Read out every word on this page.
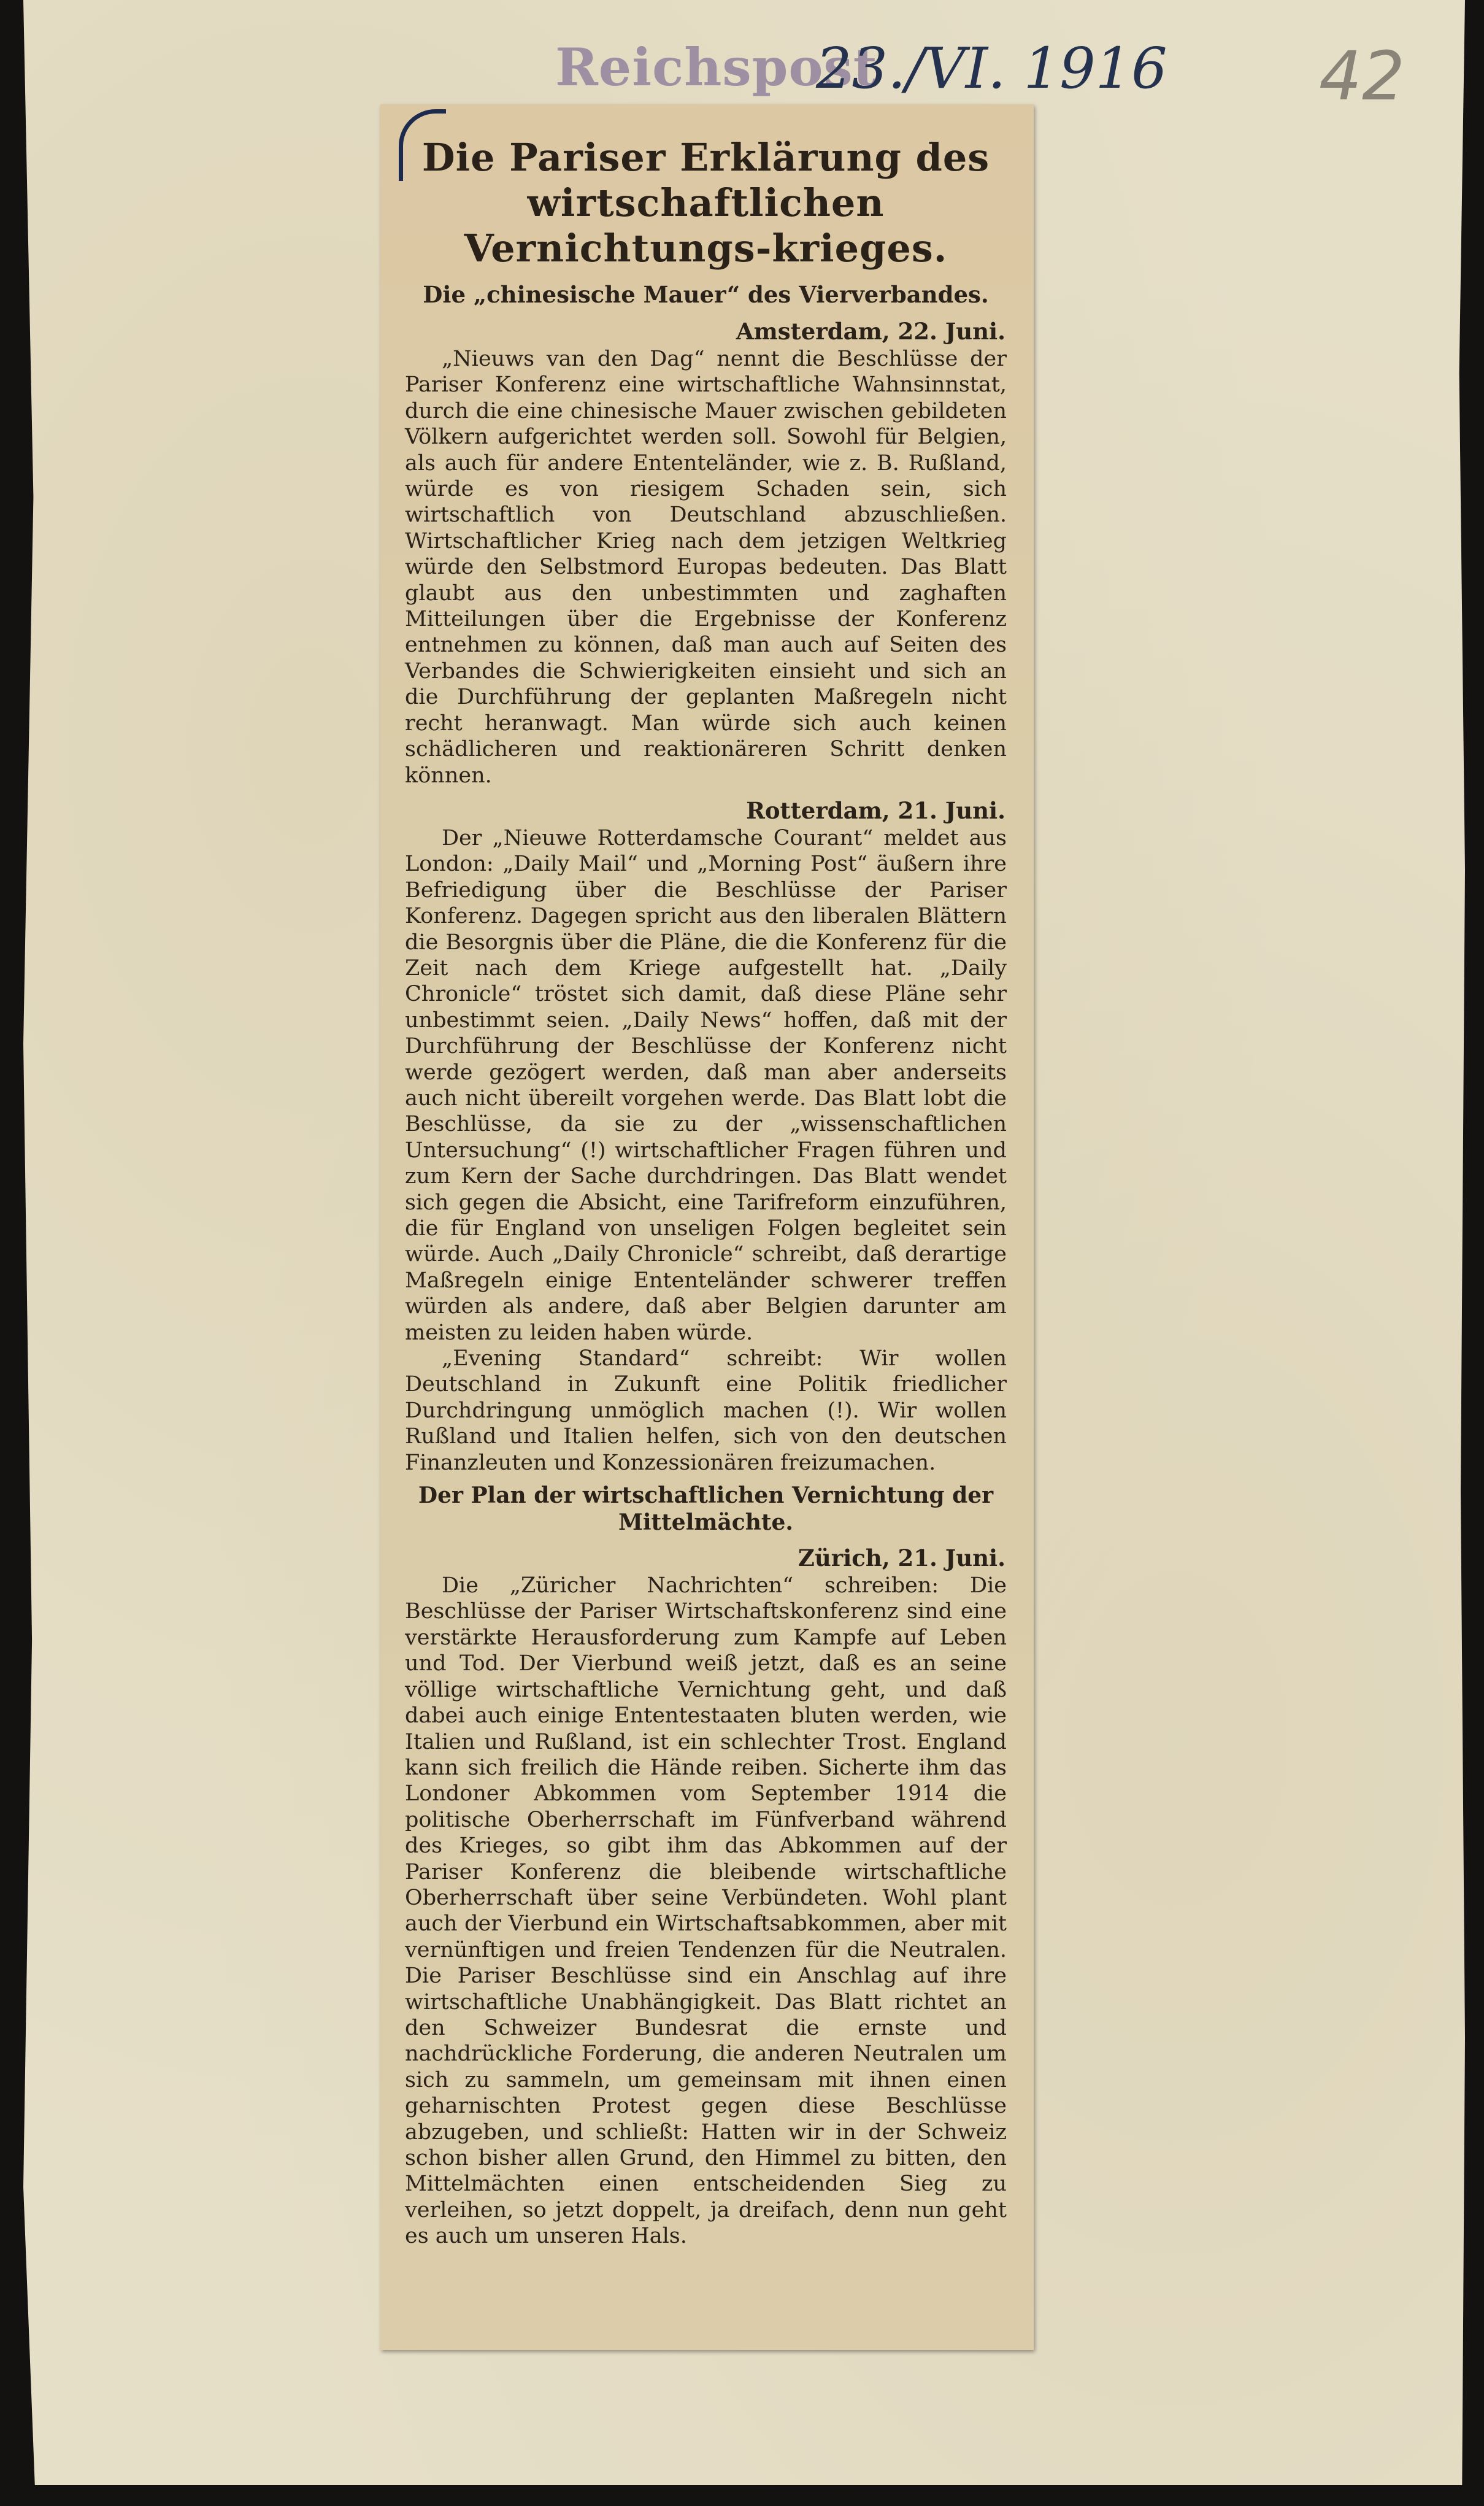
Reichspost
23./VI. 1916 42
Die Pariser Erklärung des wirtschaftlichen Vernichtungs-krieges.
Die „chinesische Mauer“ des Vierverbandes.
Amsterdam, 22. Juni.

„Nieuws van den Dag“ nennt die Beschlüsse der Pariser Konferenz eine wirtschaftliche Wahnsinnstat, durch die eine chinesische Mauer zwischen gebildeten Völkern aufgerichtet werden soll. Sowohl für Belgien, als auch für andere Ententeländer, wie z. B. Rußland, würde es von riesigem Schaden sein, sich wirtschaftlich von Deutschland abzuschließen. Wirtschaftlicher Krieg nach dem jetzigen Weltkrieg würde den Selbstmord Europas bedeuten. Das Blatt glaubt aus den unbestimmten und zaghaften Mitteilungen über die Ergebnisse der Konferenz entnehmen zu können, daß man auch auf Seiten des Verbandes die Schwierigkeiten einsieht und sich an die Durchführung der geplanten Maßregeln nicht recht heranwagt. Man würde sich auch keinen schädlicheren und reaktionäreren Schritt denken können.

Rotterdam, 21. Juni.

Der „Nieuwe Rotterdamsche Courant“ meldet aus London: „Daily Mail“ und „Morning Post“ äußern ihre Befriedigung über die Beschlüsse der Pariser Konferenz. Dagegen spricht aus den liberalen Blättern die Besorgnis über die Pläne, die die Konferenz für die Zeit nach dem Kriege aufgestellt hat. „Daily Chronicle“ tröstet sich damit, daß diese Pläne sehr unbestimmt seien. „Daily News“ hoffen, daß mit der Durchführung der Beschlüsse der Konferenz nicht werde gezögert werden, daß man aber anderseits auch nicht übereilt vorgehen werde. Das Blatt lobt die Beschlüsse, da sie zu der „wissenschaftlichen Untersuchung“ (!) wirtschaftlicher Fragen führen und zum Kern der Sache durchdringen. Das Blatt wendet sich gegen die Absicht, eine Tarifreform einzuführen, die für England von unseligen Folgen begleitet sein würde. Auch „Daily Chronicle“ schreibt, daß derartige Maßregeln einige Ententeländer schwerer treffen würden als andere, daß aber Belgien darunter am meisten zu leiden haben würde.

„Evening Standard“ schreibt: Wir wollen Deutschland in Zukunft eine Politik friedlicher Durchdringung unmöglich machen (!). Wir wollen Rußland und Italien helfen, sich von den deutschen Finanzleuten und Konzessionären freizumachen.

Der Plan der wirtschaftlichen Vernichtung der Mittelmächte.
Zürich, 21. Juni.

Die „Züricher Nachrichten“ schreiben: Die Beschlüsse der Pariser Wirtschaftskonferenz sind eine verstärkte Herausforderung zum Kampfe auf Leben und Tod. Der Vierbund weiß jetzt, daß es an seine völlige wirtschaftliche Vernichtung geht, und daß dabei auch einige Ententestaaten bluten werden, wie Italien und Rußland, ist ein schlechter Trost. England kann sich freilich die Hände reiben. Sicherte ihm das Londoner Abkommen vom September 1914 die politische Oberherrschaft im Fünfverband während des Krieges, so gibt ihm das Abkommen auf der Pariser Konferenz die bleibende wirtschaftliche Oberherrschaft über seine Verbündeten. Wohl plant auch der Vierbund ein Wirtschaftsabkommen, aber mit vernünftigen und freien Tendenzen für die Neutralen. Die Pariser Beschlüsse sind ein Anschlag auf ihre wirtschaftliche Unabhängigkeit. Das Blatt richtet an den Schweizer Bundesrat die ernste und nachdrückliche Forderung, die anderen Neutralen um sich zu sammeln, um gemeinsam mit ihnen einen geharnischten Protest gegen diese Beschlüsse abzugeben, und schließt: Hatten wir in der Schweiz schon bisher allen Grund, den Himmel zu bitten, den Mittelmächten einen entscheidenden Sieg zu verleihen, so jetzt doppelt, ja dreifach, denn nun geht es auch um unseren Hals.
